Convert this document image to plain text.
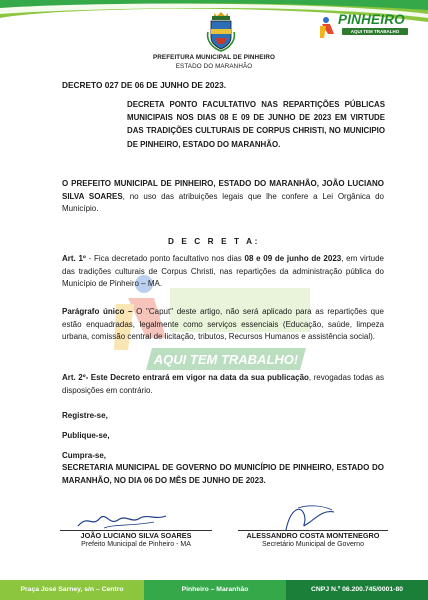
PREFEITURA MUNICIPAL DE PINHEIRO
ESTADO DO MARANHÃO
PINHEIRO
AQUI TEM TRABALHO
AQUI TEM TRABALHO!
DECRETO 027 DE 06 DE JUNHO DE 2023.
DECRETA PONTO FACULTATIVO NAS REPARTIÇÕES PÚBLICAS MUNICIPAIS NOS DIAS 08 E 09 DE JUNHO DE 2023 EM VIRTUDE DAS TRADIÇÕES CULTURAIS DE CORPUS CHRISTI, NO MUNICIPIO DE PINHEIRO, ESTADO DO MARANHÃO.
O PREFEITO MUNICIPAL DE PINHEIRO, ESTADO DO MARANHÃO, JOÃO LUCIANO SILVA SOARES, no uso das atribuições legais que lhe confere a Lei Orgânica do Município.
D E C R E T A:
Art. 1º - Fica decretado ponto facultativo nos dias 08 e 09 de junho de 2023, em virtude das tradições culturais de Corpus Christi, nas repartições da administração pública do Município de Pinheiro – MA.
Parágrafo único – O "Caput" deste artigo, não será aplicado para as repartições que estão enquadradas, legalmente como serviços essenciais (Educação, saúde, limpeza urbana, comissão central de licitação, tributos, Recursos Humanos e assistência social).
Art. 2º- Este Decreto entrará em vigor na data da sua publicação, revogadas todas as disposições em contrário.
Registre-se,
Publique-se,
Cumpra-se,
SECRETARIA MUNICIPAL DE GOVERNO DO MUNICÍPIO DE PINHEIRO, ESTADO DO MARANHÃO, NO DIA 06 DO MÊS DE JUNHO DE 2023.
JOÃO LUCIANO SILVA SOARES
Prefeito Municipal de Pinheiro - MA
ALESSANDRO COSTA MONTENEGRO
Secretário Municipal de Governo
Praça José Sarney, s/n – Centro	Pinheiro – Maranhão	CNPJ N.º 06.200.745/0001-80
